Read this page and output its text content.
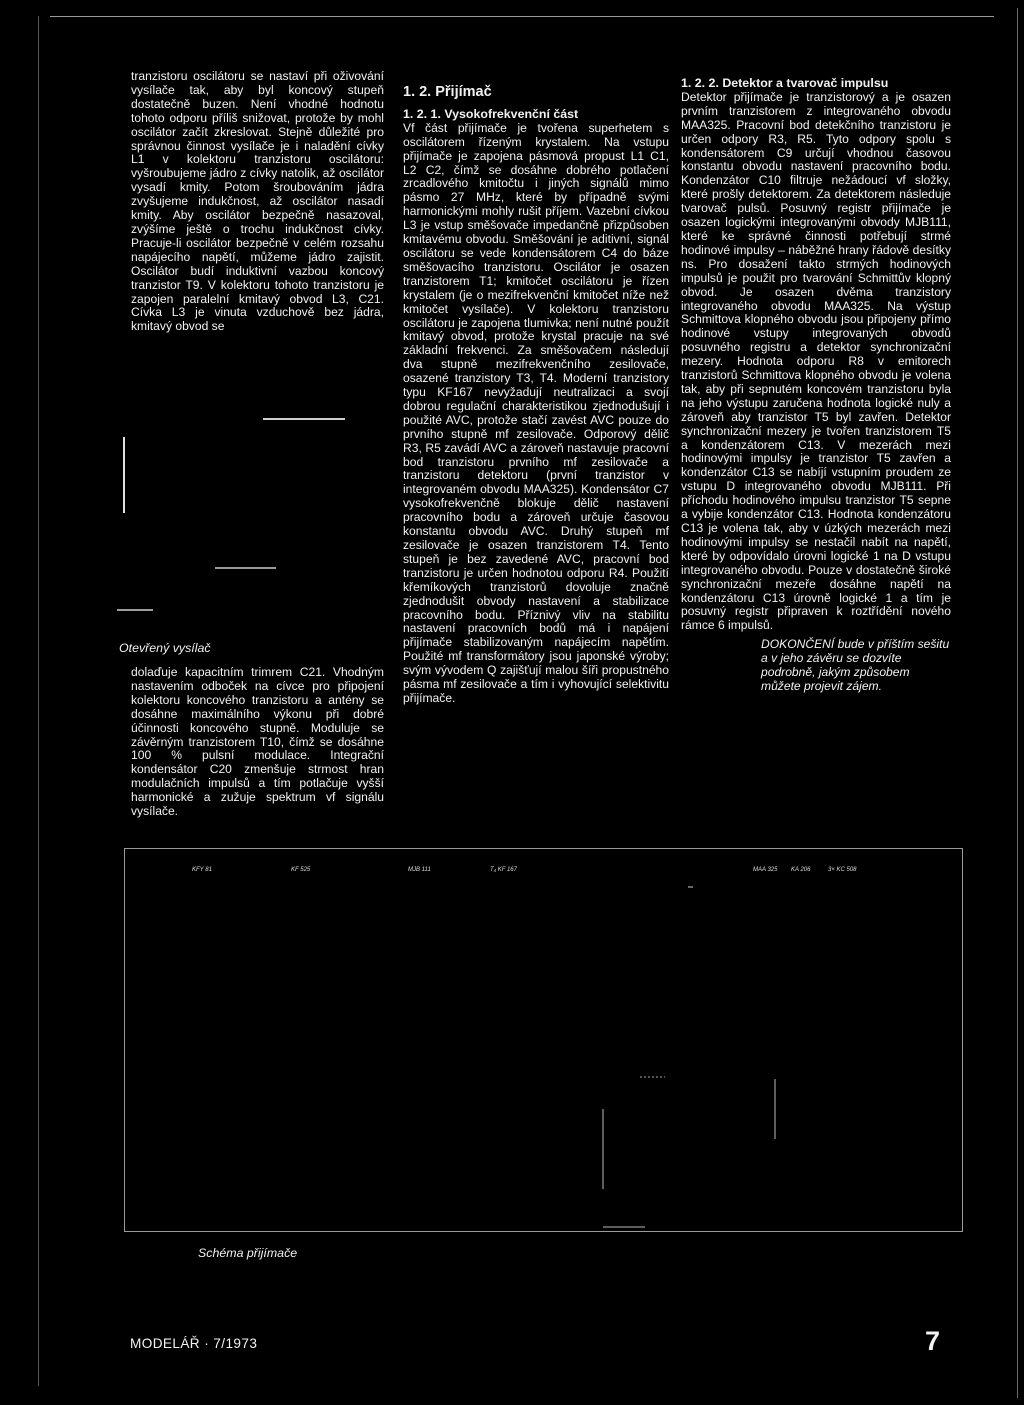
tranzistoru oscilátoru se nastaví při oživování vysílače tak, aby byl koncový stupeň dostatečně buzen. Není vhodné hodnotu tohoto odporu příliš snižovat, protože by mohl oscilátor začít zkreslovat. Stejně důležité pro správnou činnost vysílače je i naladění cívky L1 v kolektoru tranzistoru oscilátoru: vyšroubujeme jádro z cívky natolik, až oscilátor vysadí kmity. Potom šroubováním jádra zvyšujeme indukčnost, až oscilátor nasadí kmity. Aby oscilátor bezpečně nasazoval, zvýšíme ještě o trochu indukčnost cívky. Pracuje-li oscilátor bezpečně v celém rozsahu napájecího napětí, můžeme jádro zajistit. Oscilátor budí induktivní vazbou koncový tranzistor T9. V kolektoru tohoto tranzistoru je zapojen paralelní kmitavý obvod L3, C21. Cívka L3 je vinuta vzduchově bez jádra, kmitavý obvod se

Otevřený vysílač

dolaďuje kapacitním trimrem C21. Vhodným nastavením odboček na cívce pro připojení kolektoru koncového tranzistoru a antény se dosáhne maximálního výkonu při dobré účinnosti koncového stupně. Moduluje se závěrným tranzistorem T10, čímž se dosáhne 100 % pulsní modulace. Integrační kondensátor C20 zmenšuje strmost hran modulačních impulsů a tím potlačuje vyšší harmonické a zužuje spektrum vf signálu vysílače.

1. 2. Přijímač

1. 2. 1. Vysokofrekvenční část

Vf část přijímače je tvořena superhetem s oscilátorem řízeným krystalem. Na vstupu přijímače je zapojena pásmová propust L1 C1, L2 C2, čímž se dosáhne dobrého potlačení zrcadlového kmitočtu i jiných signálů mimo pásmo 27 MHz, které by případně svými harmonickými mohly rušit příjem. Vazební cívkou L3 je vstup směšovače impedančně přizpůsoben kmitavému obvodu. Směšování je aditivní, signál oscilátoru se vede kondensátorem C4 do báze směšovacího tranzistoru. Oscilátor je osazen tranzistorem T1; kmitočet oscilátoru je řízen krystalem (je o mezifrekvenční kmitočet níže než kmitočet vysílače). V kolektoru tranzistoru oscilátoru je zapojena tlumivka; není nutné použít kmitavý obvod, protože krystal pracuje na své základní frekvenci. Za směšovačem následují dva stupně mezifrekvenčního zesilovače, osazené tranzistory T3, T4. Moderní tranzistory typu KF167 nevyžadují neutralizaci a svojí dobrou regulační charakteristikou zjednodušují i použité AVC, protože stačí zavést AVC pouze do prvního stupně mf zesilovače. Odporový dělič R3, R5 zavádí AVC a zároveň nastavuje pracovní bod tranzistoru prvního mf zesilovače a tranzistoru detektoru (první tranzistor v integrovaném obvodu MAA325). Kondensátor C7 vysokofrekvenčně blokuje dělič nastavení pracovního bodu a zároveň určuje časovou konstantu obvodu AVC. Druhý stupeň mf zesilovače je osazen tranzistorem T4. Tento stupeň je bez zavedené AVC, pracovní bod tranzistoru je určen hodnotou odporu R4. Použití křemíkových tranzistorů dovoluje značně zjednodušit obvody nastavení a stabilizace pracovního bodu. Příznivý vliv na stabilitu nastavení pracovních bodů má i napájení přijímače stabilizovaným napájecím napětím. Použité mf transformátory jsou japonské výroby; svým vývodem Q zajišťují malou šíři propustného pásma mf zesilovače a tím i vyhovující selektivitu přijímače.

1. 2. 2. Detektor a tvarovač impulsu

Detektor přijímače je tranzistorový a je osazen prvním tranzistorem z integrovaného obvodu MAA325. Pracovní bod detekčního tranzistoru je určen odpory R3, R5. Tyto odpory spolu s kondensátorem C9 určují vhodnou časovou konstantu obvodu nastavení pracovního bodu. Kondenzátor C10 filtruje nežádoucí vf složky, které prošly detektorem. Za detektorem následuje tvarovač pulsů. Posuvný registr přijímače je osazen logickými integrovanými obvody MJB111, které ke správné činnosti potřebují strmé hodinové impulsy – náběžné hrany řádově desítky ns. Pro dosažení takto strmých hodinových impulsů je použit pro tvarování Schmittův klopný obvod. Je osazen dvěma tranzistory integrovaného obvodu MAA325. Na výstup Schmittova klopného obvodu jsou připojeny přímo hodinové vstupy integrovaných obvodů posuvného registru a detektor synchronizační mezery. Hodnota odporu R8 v emitorech tranzistorů Schmittova klopného obvodu je volena tak, aby při sepnutém koncovém tranzistoru byla na jeho výstupu zaručena hodnota logické nuly a zároveň aby tranzistor T5 byl zavřen. Detektor synchronizační mezery je tvořen tranzistorem T5 a kondenzátorem C13. V mezerách mezi hodinovými impulsy je tranzistor T5 zavřen a kondenzátor C13 se nabíjí vstupním proudem ze vstupu D integrovaného obvodu MJB111. Při příchodu hodinového impulsu tranzistor T5 sepne a vybije kondenzátor C13. Hodnota kondenzátoru C13 je volena tak, aby v úzkých mezerách mezi hodinovými impulsy se nestačil nabít na napětí, které by odpovídalo úrovni logické 1 na D vstupu integrovaného obvodu. Pouze v dostatečně široké synchronizační mezeře dosáhne napětí na kondenzátoru C13 úrovně logické 1 a tím je posuvný registr připraven k roztřídění nového rámce 6 impulsů.

DOKONČENÍ bude v příštím sešitu a v jeho závěru se dozvíte podrobně, jakým způsobem můžete projevit zájem.

KFY 81	KF 525	MJB 111	T₄ KF 167	MAA 325 KA 206	3× KC 508
Schéma přijímače
MODELÁŘ · 7/1973	7
